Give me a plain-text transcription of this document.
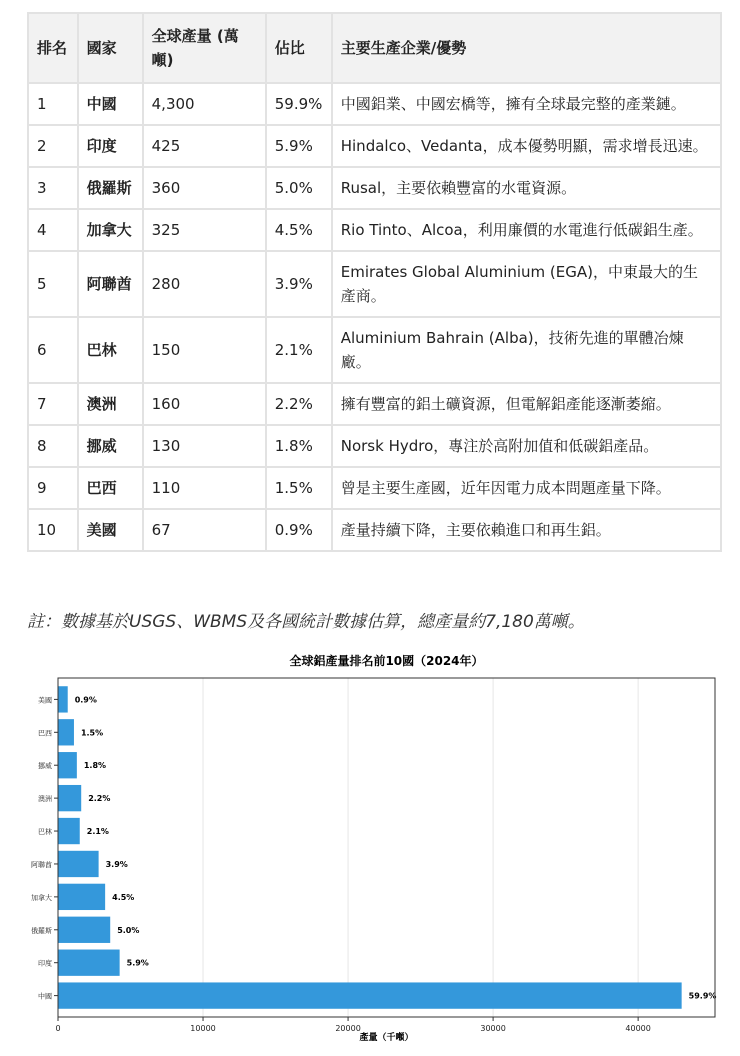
排名	國家	全球產量 (萬噸)	佔比	主要生產企業/優勢
1	中國	4,300	59.9%	中國鋁業、中國宏橋等，擁有全球最完整的產業鏈。
2	印度	425	5.9%	Hindalco、Vedanta，成本優勢明顯，需求增長迅速。
3	俄羅斯	360	5.0%	Rusal，主要依賴豐富的水電資源。
4	加拿大	325	4.5%	Rio Tinto、Alcoa，利用廉價的水電進行低碳鋁生產。
5	阿聯酋	280	3.9%	Emirates Global Aluminium (EGA)，中東最大的生產商。
6	巴林	150	2.1%	Aluminium Bahrain (Alba)，技術先進的單體冶煉廠。
7	澳洲	160	2.2%	擁有豐富的鋁土礦資源，但電解鋁產能逐漸萎縮。
8	挪威	130	1.8%	Norsk Hydro，專注於高附加值和低碳鋁產品。
9	巴西	110	1.5%	曾是主要生產國，近年因電力成本問題產量下降。
10	美國	67	0.9%	產量持續下降，主要依賴進口和再生鋁。
註：數據基於USGS、WBMS及各國統計數據估算，總產量約7,180萬噸。
全球鋁產量排名前10國（2024年）
0	10000	20000	30000	40000
中國	59.9%
印度	5.9%
俄羅斯	5.0%
加拿大	4.5%
阿聯酋	3.9%
巴林	2.1%
澳洲	2.2%
挪威	1.8%
巴西	1.5%
美國	0.9%
產量（千噸）
